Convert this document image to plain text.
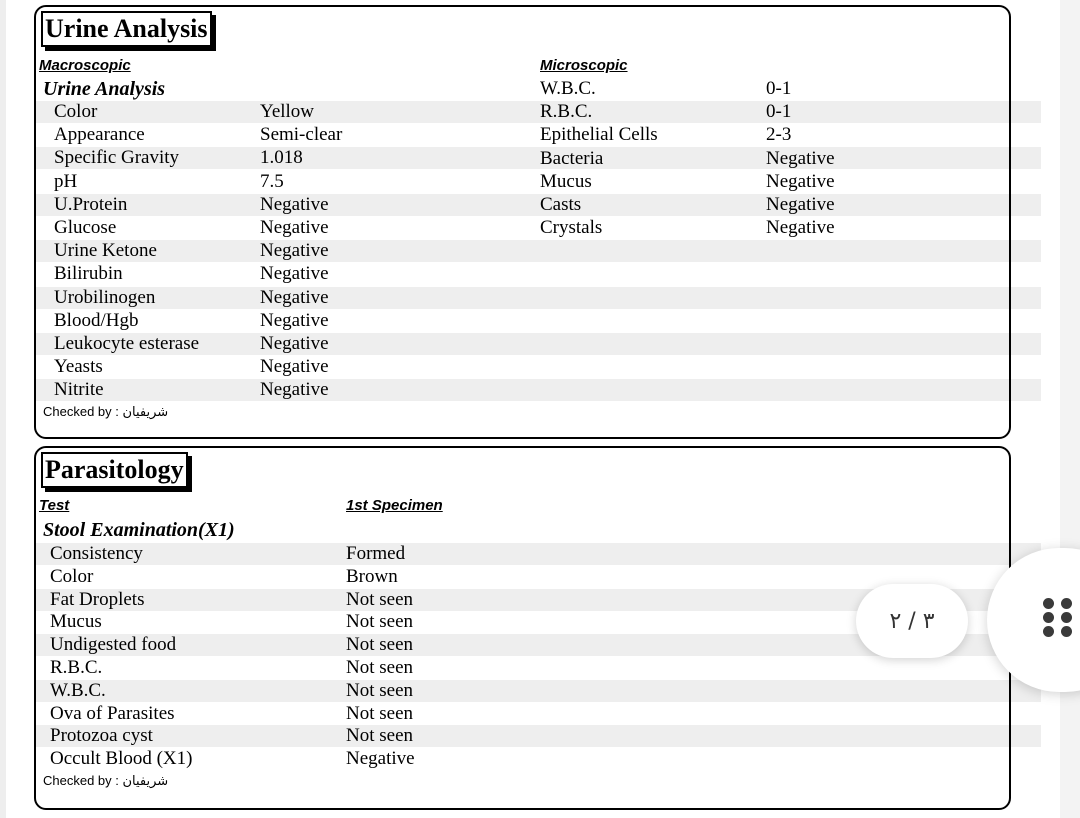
Urine Analysis
Macroscopic	Microscopic
Urine Analysis
Color	Yellow
Appearance	Semi-clear
Specific Gravity	1.018
pH	7.5
U.Protein	Negative
Glucose	Negative
Urine Ketone	Negative
Bilirubin	Negative
Urobilinogen	Negative
Blood/Hgb	Negative
Leukocyte esterase	Negative
Yeasts	Negative
Nitrite	Negative
W.B.C.	0-1
R.B.C.	0-1
Epithelial Cells	2-3
Bacteria	Negative
Mucus	Negative
Casts	Negative
Crystals	Negative
Checked by : شريفيان
Parasitology
Test	1st Specimen
Stool Examination(X1)
Consistency	Formed
Color	Brown
Fat Droplets	Not seen
Mucus	Not seen
Undigested food	Not seen
R.B.C.	Not seen
W.B.C.	Not seen
Ova of Parasites	Not seen
Protozoa cyst	Not seen
Occult Blood (X1)	Negative
Checked by : شريفيان
٣ / ٢
